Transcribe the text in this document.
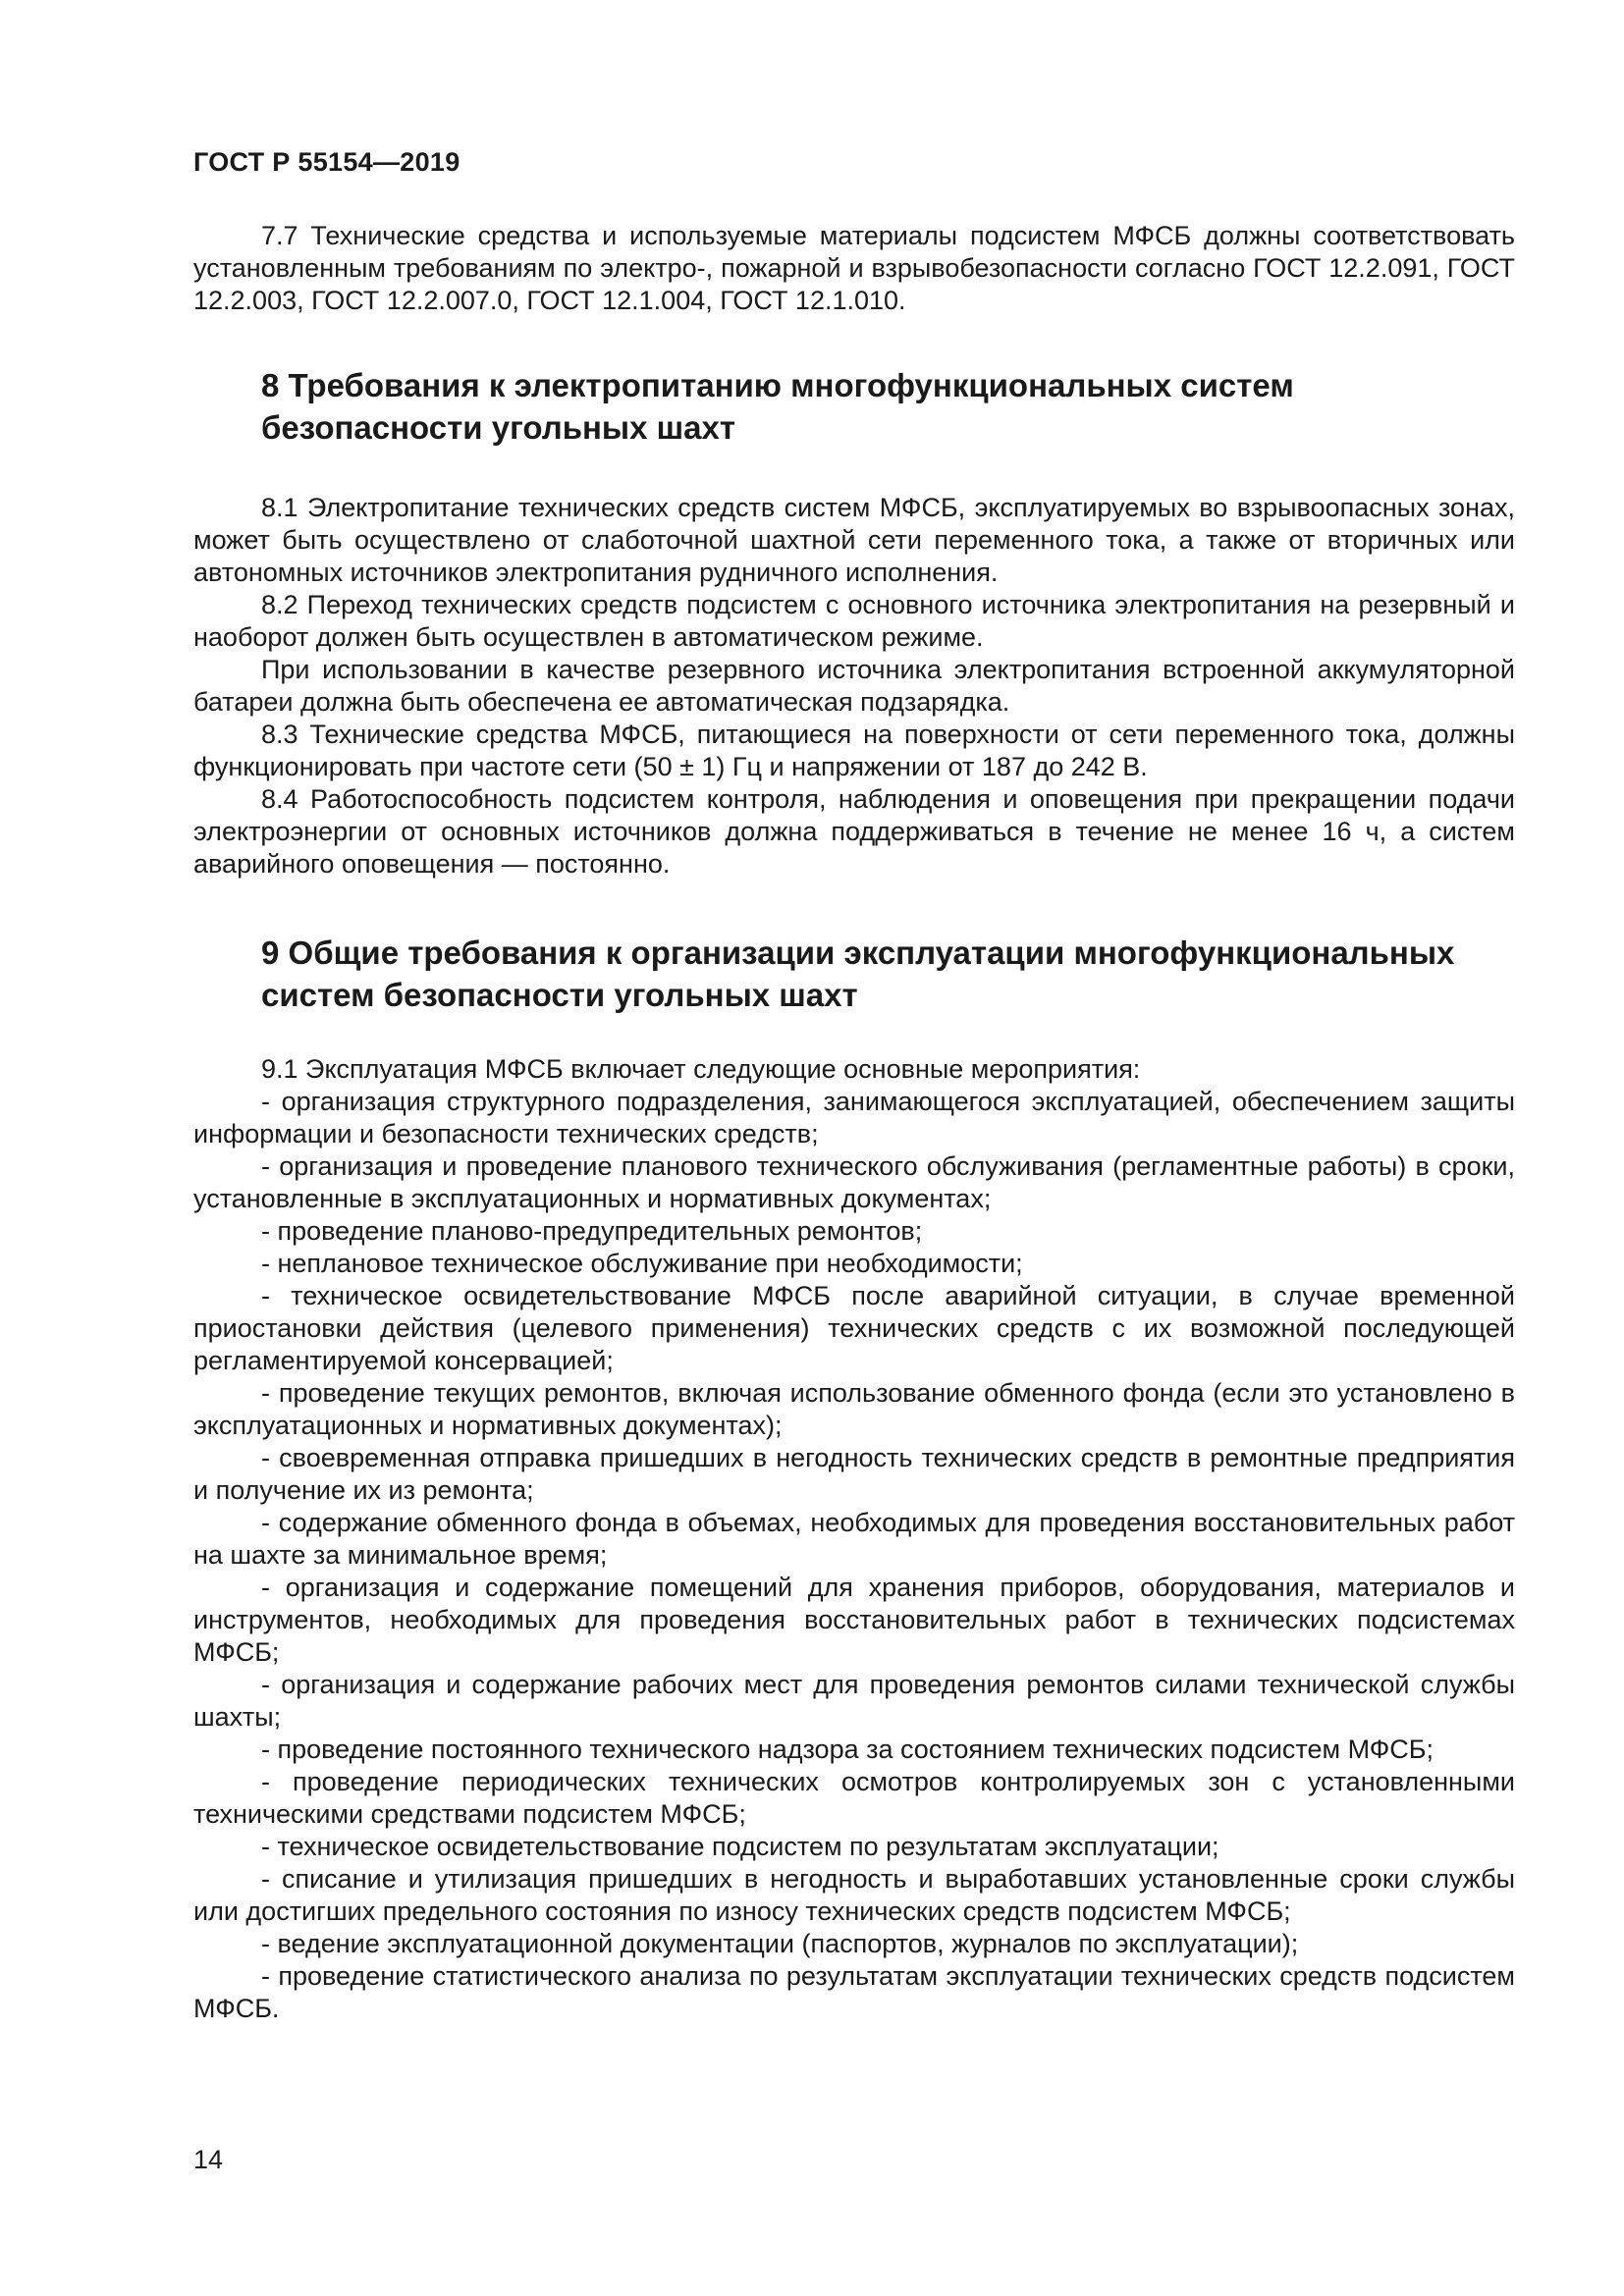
ГОСТ Р 55154—2019

7.7 Технические средства и используемые материалы подсистем МФСБ должны соответствовать установленным требованиям по электро-, пожарной и взрывобезопасности согласно ГОСТ 12.2.091, ГОСТ 12.2.003, ГОСТ 12.2.007.0, ГОСТ 12.1.004, ГОСТ 12.1.010.

8 Требования к электропитанию многофункциональных систем безопасности угольных шахт

8.1 Электропитание технических средств систем МФСБ, эксплуатируемых во взрывоопасных зонах, может быть осуществлено от слаботочной шахтной сети переменного тока, а также от вторичных или автономных источников электропитания рудничного исполнения.

8.2 Переход технических средств подсистем с основного источника электропитания на резервный и наоборот должен быть осуществлен в автоматическом режиме.

При использовании в качестве резервного источника электропитания встроенной аккумуляторной батареи должна быть обеспечена ее автоматическая подзарядка.

8.3 Технические средства МФСБ, питающиеся на поверхности от сети переменного тока, должны функционировать при частоте сети (50 ± 1) Гц и напряжении от 187 до 242 В.

8.4 Работоспособность подсистем контроля, наблюдения и оповещения при прекращении подачи электроэнергии от основных источников должна поддерживаться в течение не менее 16 ч, а систем аварийного оповещения — постоянно.

9 Общие требования к организации эксплуатации многофункциональных систем безопасности угольных шахт

9.1 Эксплуатация МФСБ включает следующие основные мероприятия:

- организация структурного подразделения, занимающегося эксплуатацией, обеспечением защиты информации и безопасности технических средств;

- организация и проведение планового технического обслуживания (регламентные работы) в сроки, установленные в эксплуатационных и нормативных документах;

- проведение планово-предупредительных ремонтов;

- неплановое техническое обслуживание при необходимости;

- техническое освидетельствование МФСБ после аварийной ситуации, в случае временной приостановки действия (целевого применения) технических средств с их возможной последующей регламентируемой консервацией;

- проведение текущих ремонтов, включая использование обменного фонда (если это установлено в эксплуатационных и нормативных документах);

- своевременная отправка пришедших в негодность технических средств в ремонтные предприятия и получение их из ремонта;

- содержание обменного фонда в объемах, необходимых для проведения восстановительных работ на шахте за минимальное время;

- организация и содержание помещений для хранения приборов, оборудования, материалов и инструментов, необходимых для проведения восстановительных работ в технических подсистемах МФСБ;

- организация и содержание рабочих мест для проведения ремонтов силами технической службы шахты;

- проведение постоянного технического надзора за состоянием технических подсистем МФСБ;

- проведение периодических технических осмотров контролируемых зон с установленными техническими средствами подсистем МФСБ;

- техническое освидетельствование подсистем по результатам эксплуатации;

- списание и утилизация пришедших в негодность и выработавших установленные сроки службы или достигших предельного состояния по износу технических средств подсистем МФСБ;

- ведение эксплуатационной документации (паспортов, журналов по эксплуатации);

- проведение статистического анализа по результатам эксплуатации технических средств подсистем МФСБ.

14
